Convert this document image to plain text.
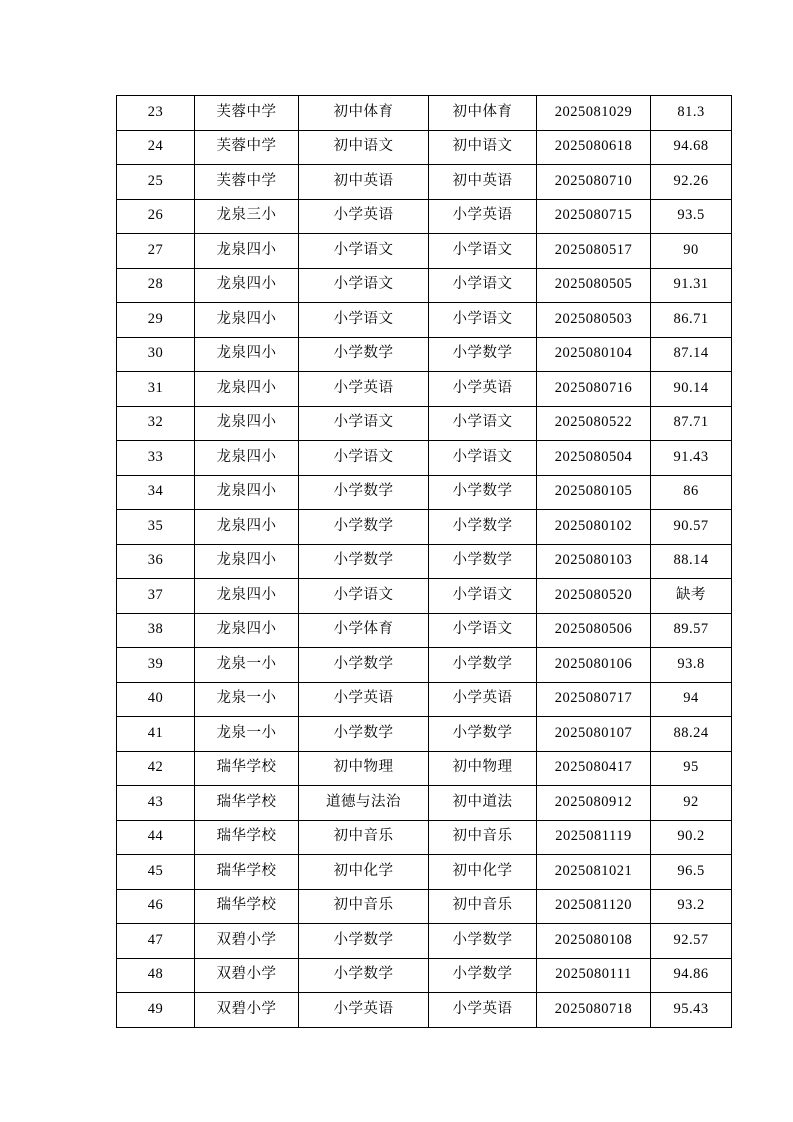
23	芙蓉中学	初中体育	初中体育	2025081029	81.3
24	芙蓉中学	初中语文	初中语文	2025080618	94.68
25	芙蓉中学	初中英语	初中英语	2025080710	92.26
26	龙泉三小	小学英语	小学英语	2025080715	93.5
27	龙泉四小	小学语文	小学语文	2025080517	90
28	龙泉四小	小学语文	小学语文	2025080505	91.31
29	龙泉四小	小学语文	小学语文	2025080503	86.71
30	龙泉四小	小学数学	小学数学	2025080104	87.14
31	龙泉四小	小学英语	小学英语	2025080716	90.14
32	龙泉四小	小学语文	小学语文	2025080522	87.71
33	龙泉四小	小学语文	小学语文	2025080504	91.43
34	龙泉四小	小学数学	小学数学	2025080105	86
35	龙泉四小	小学数学	小学数学	2025080102	90.57
36	龙泉四小	小学数学	小学数学	2025080103	88.14
37	龙泉四小	小学语文	小学语文	2025080520	缺考
38	龙泉四小	小学体育	小学语文	2025080506	89.57
39	龙泉一小	小学数学	小学数学	2025080106	93.8
40	龙泉一小	小学英语	小学英语	2025080717	94
41	龙泉一小	小学数学	小学数学	2025080107	88.24
42	瑞华学校	初中物理	初中物理	2025080417	95
43	瑞华学校	道德与法治	初中道法	2025080912	92
44	瑞华学校	初中音乐	初中音乐	2025081119	90.2
45	瑞华学校	初中化学	初中化学	2025081021	96.5
46	瑞华学校	初中音乐	初中音乐	2025081120	93.2
47	双碧小学	小学数学	小学数学	2025080108	92.57
48	双碧小学	小学数学	小学数学	2025080111	94.86
49	双碧小学	小学英语	小学英语	2025080718	95.43
